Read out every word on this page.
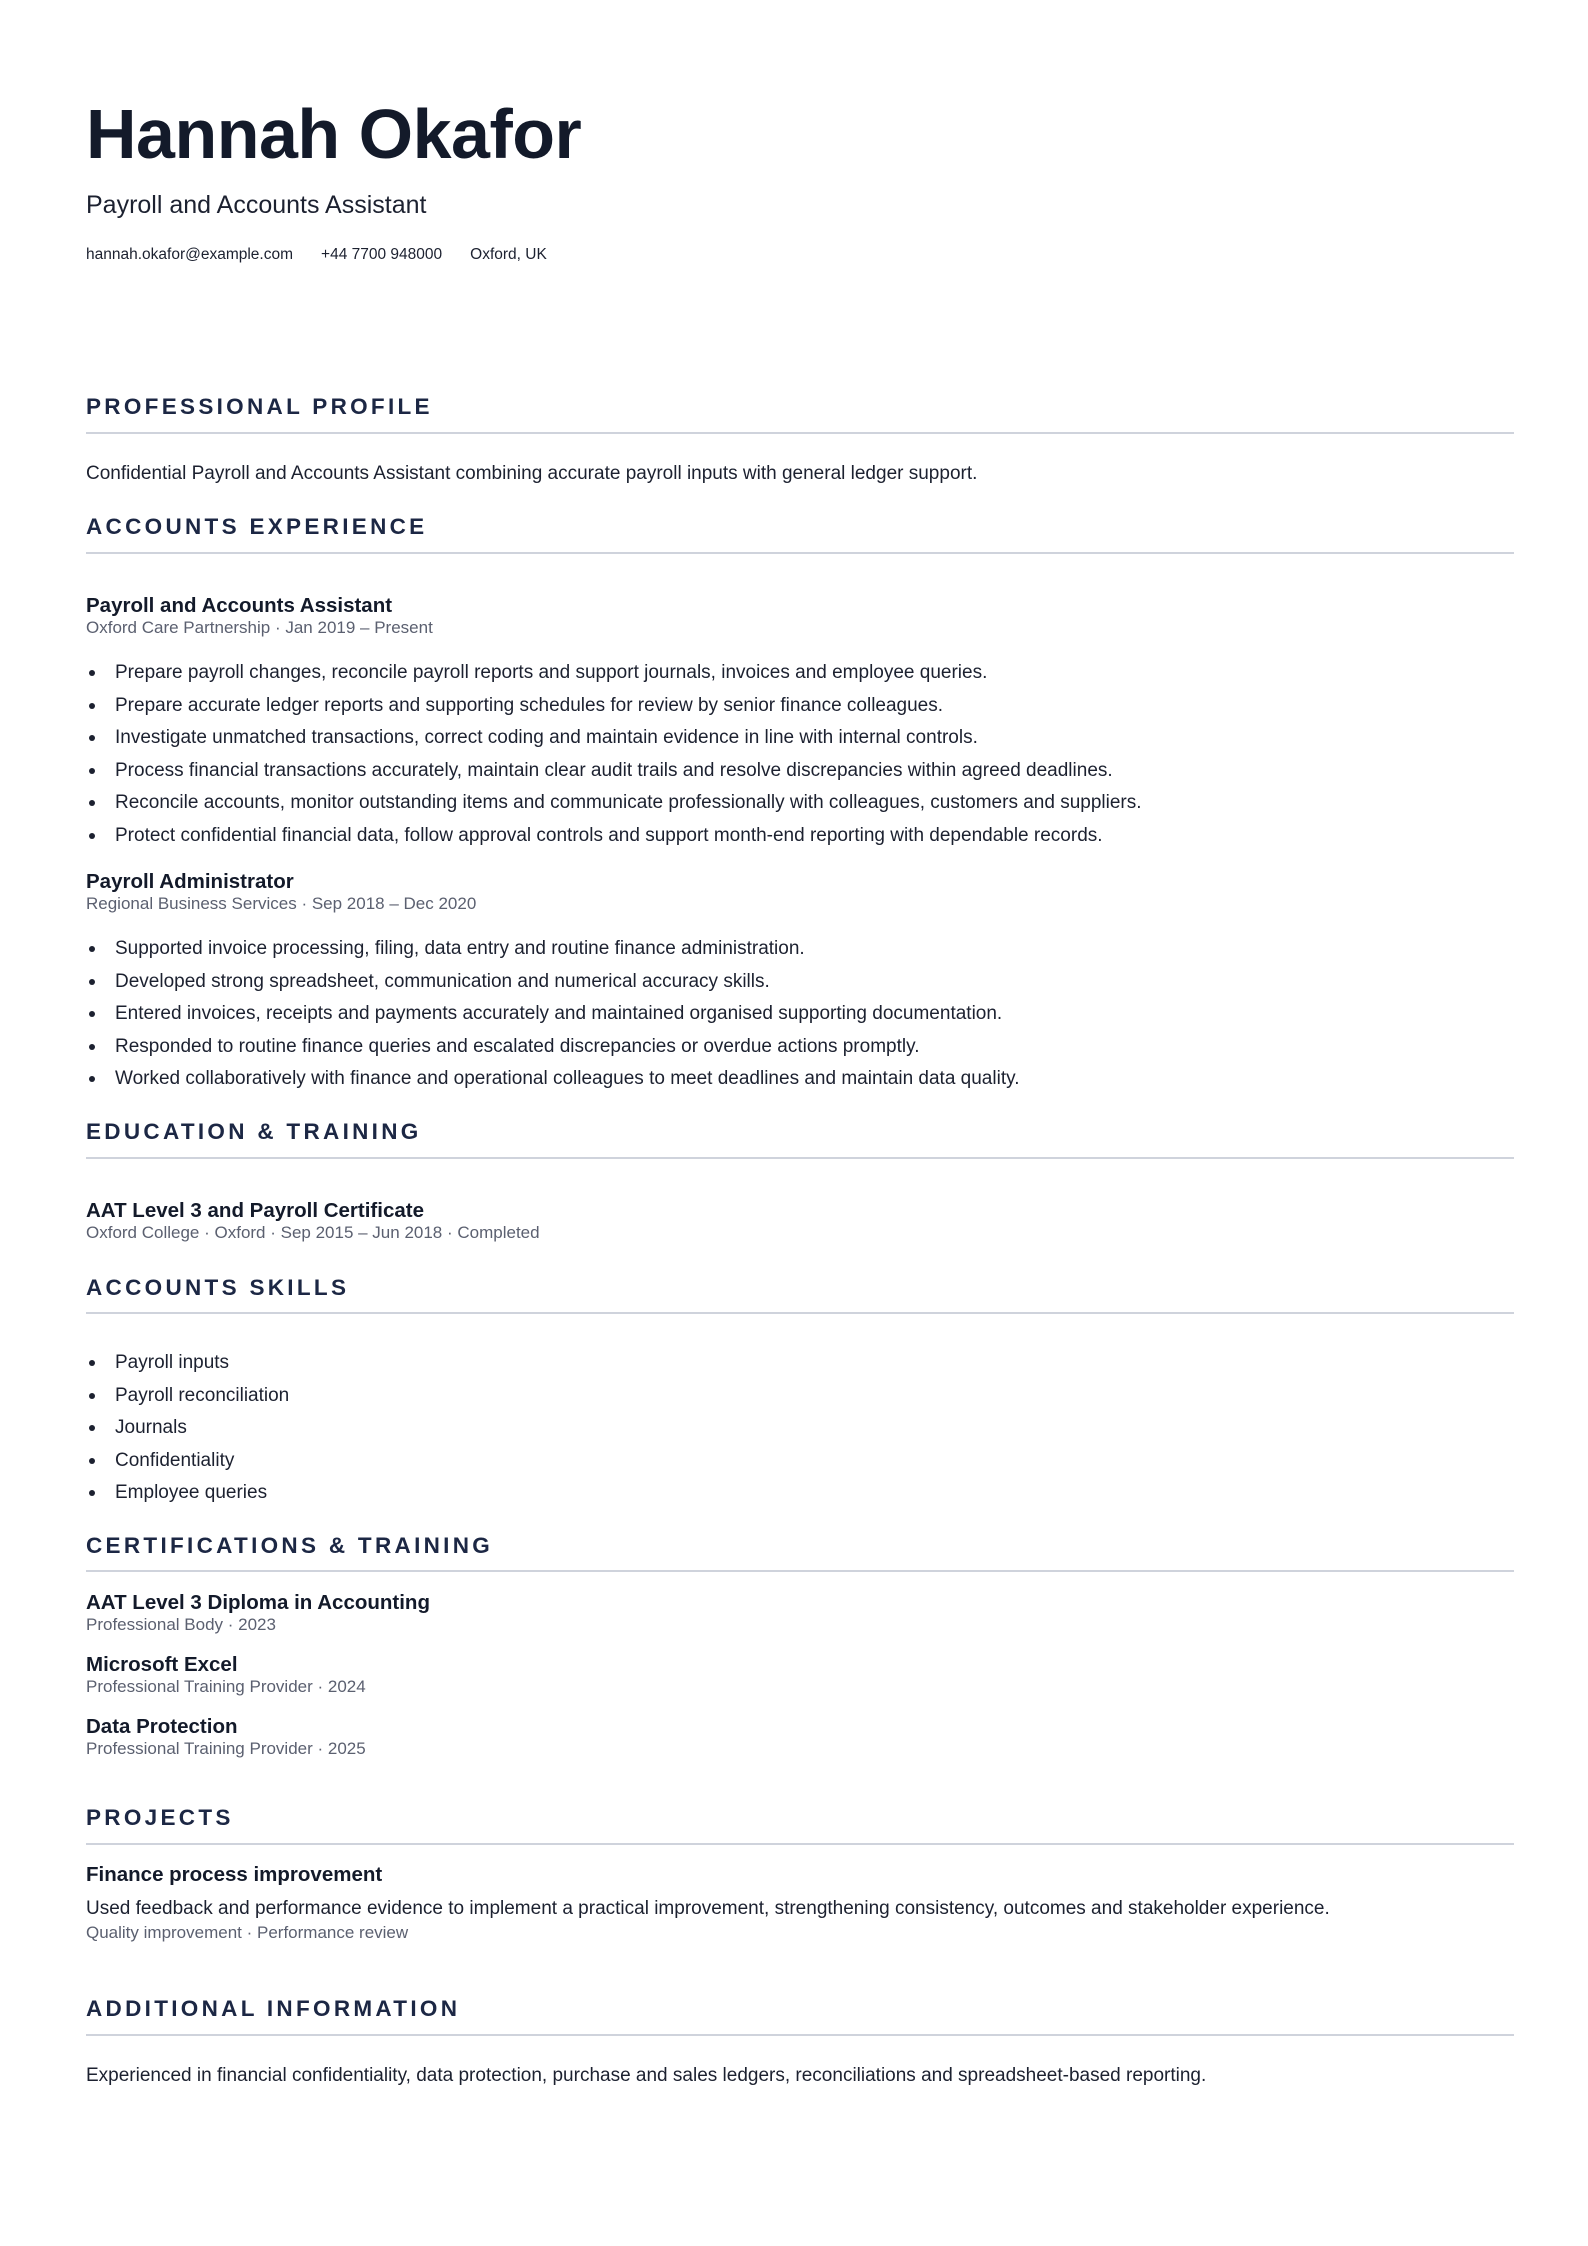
Hannah Okafor

Payroll and Accounts Assistant

hannah.okafor@example.com +44 7700 948000 Oxford, UK
PROFESSIONAL PROFILE

Confidential Payroll and Accounts Assistant combining accurate payroll inputs with general ledger support.

ACCOUNTS EXPERIENCE

Payroll and Accounts Assistant

Oxford Care Partnership · Jan 2019 – Present

Prepare payroll changes, reconcile payroll reports and support journals, invoices and employee queries.
Prepare accurate ledger reports and supporting schedules for review by senior finance colleagues.
Investigate unmatched transactions, correct coding and maintain evidence in line with internal controls.
Process financial transactions accurately, maintain clear audit trails and resolve discrepancies within agreed deadlines.
Reconcile accounts, monitor outstanding items and communicate professionally with colleagues, customers and suppliers.
Protect confidential financial data, follow approval controls and support month-end reporting with dependable records.

Payroll Administrator

Regional Business Services · Sep 2018 – Dec 2020

Supported invoice processing, filing, data entry and routine finance administration.
Developed strong spreadsheet, communication and numerical accuracy skills.
Entered invoices, receipts and payments accurately and maintained organised supporting documentation.
Responded to routine finance queries and escalated discrepancies or overdue actions promptly.
Worked collaboratively with finance and operational colleagues to meet deadlines and maintain data quality.
EDUCATION & TRAINING

AAT Level 3 and Payroll Certificate

Oxford College · Oxford · Sep 2015 – Jun 2018 · Completed

ACCOUNTS SKILLS
Payroll inputs
Payroll reconciliation
Journals
Confidentiality
Employee queries
CERTIFICATIONS & TRAINING

AAT Level 3 Diploma in Accounting

Professional Body · 2023

Microsoft Excel

Professional Training Provider · 2024

Data Protection

Professional Training Provider · 2025

PROJECTS

Finance process improvement

Used feedback and performance evidence to implement a practical improvement, strengthening consistency, outcomes and stakeholder experience.

Quality improvement · Performance review

ADDITIONAL INFORMATION

Experienced in financial confidentiality, data protection, purchase and sales ledgers, reconciliations and spreadsheet-based reporting.
